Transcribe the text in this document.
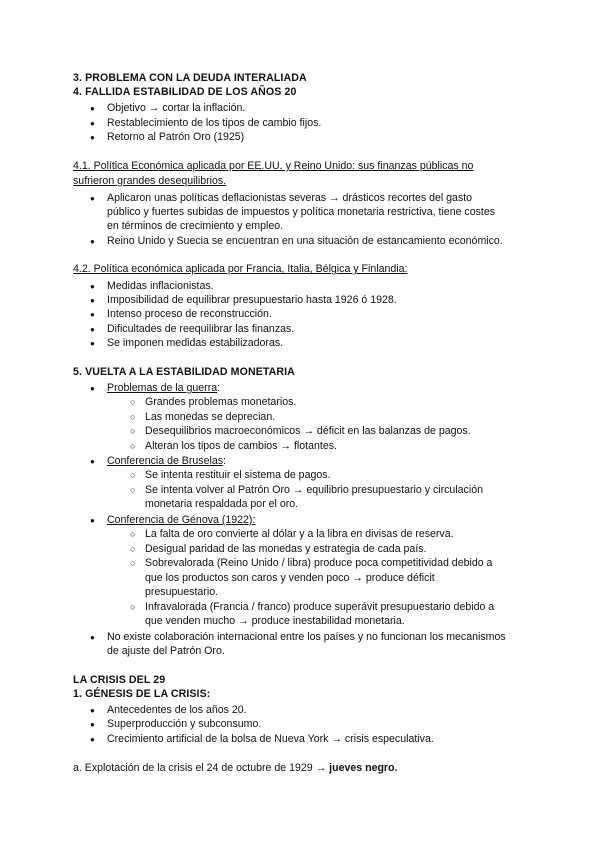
3. PROBLEMA CON LA DEUDA INTERALIADA
4. FALLIDA ESTABILIDAD DE LOS AÑOS 20
● Objetivo → cortar la inflación.
● Restablecimiento de los tipos de cambio fijos.
● Retorno al Patrón Oro (1925)
4.1. Política Económica aplicada por EE.UU. y Reino Unido: sus finanzas públicas no
sufrieron grandes desequilibrios.
● Aplicaron unas políticas deflacionistas severas → drásticos recortes del gasto
público y fuertes subidas de impuestos y política monetaria restrictiva, tiene costes
en términos de crecimiento y empleo.
● Reino Unido y Suecia se encuentran en una situación de estancamiento económico.
4.2. Política económica aplicada por Francia, Italia, Bélgica y Finlandia:
● Medidas inflacionistas.
● Imposibilidad de equilibrar presupuestario hasta 1926 ó 1928.
● Intenso proceso de reconstrucción.
● Dificultades de reequilibrar las finanzas.
● Se imponen medidas estabilizadoras.
5. VUELTA A LA ESTABILIDAD MONETARIA
● Problemas de la guerra:
○ Grandes problemas monetarios.
○ Las monedas se deprecian.
○ Desequilibrios macroeconómicos → déficit en las balanzas de pagos.
○ Alteran los tipos de cambios → flotantes.
● Conferencia de Bruselas:
○ Se intenta restituir el sistema de pagos.
○ Se intenta volver al Patrón Oro → equilibrio presupuestario y circulación
monetaria respaldada por el oro.
● Conferencia de Génova (1922):
○ La falta de oro convierte al dólar y a la libra en divisas de reserva.
○ Desigual paridad de las monedas y estrategia de cada país.
○ Sobrevalorada (Reino Unido / libra) produce poca competitividad debido a
que los productos son caros y venden poco → produce déficit
presupuestario.
○ Infravalorada (Francia / franco) produce superávit presupuestario debido a
que venden mucho → produce inestabilidad monetaria.
● No existe colaboración internacional entre los países y no funcionan los mecanismos
de ajuste del Patrón Oro.
LA CRISIS DEL 29
1. GÉNESIS DE LA CRISIS:
● Antecedentes de los años 20.
● Superproducción y subconsumo.
● Crecimiento artificial de la bolsa de Nueva York → crisis especulativa.
a. Explotación de la crisis el 24 de octubre de 1929 → jueves negro.
